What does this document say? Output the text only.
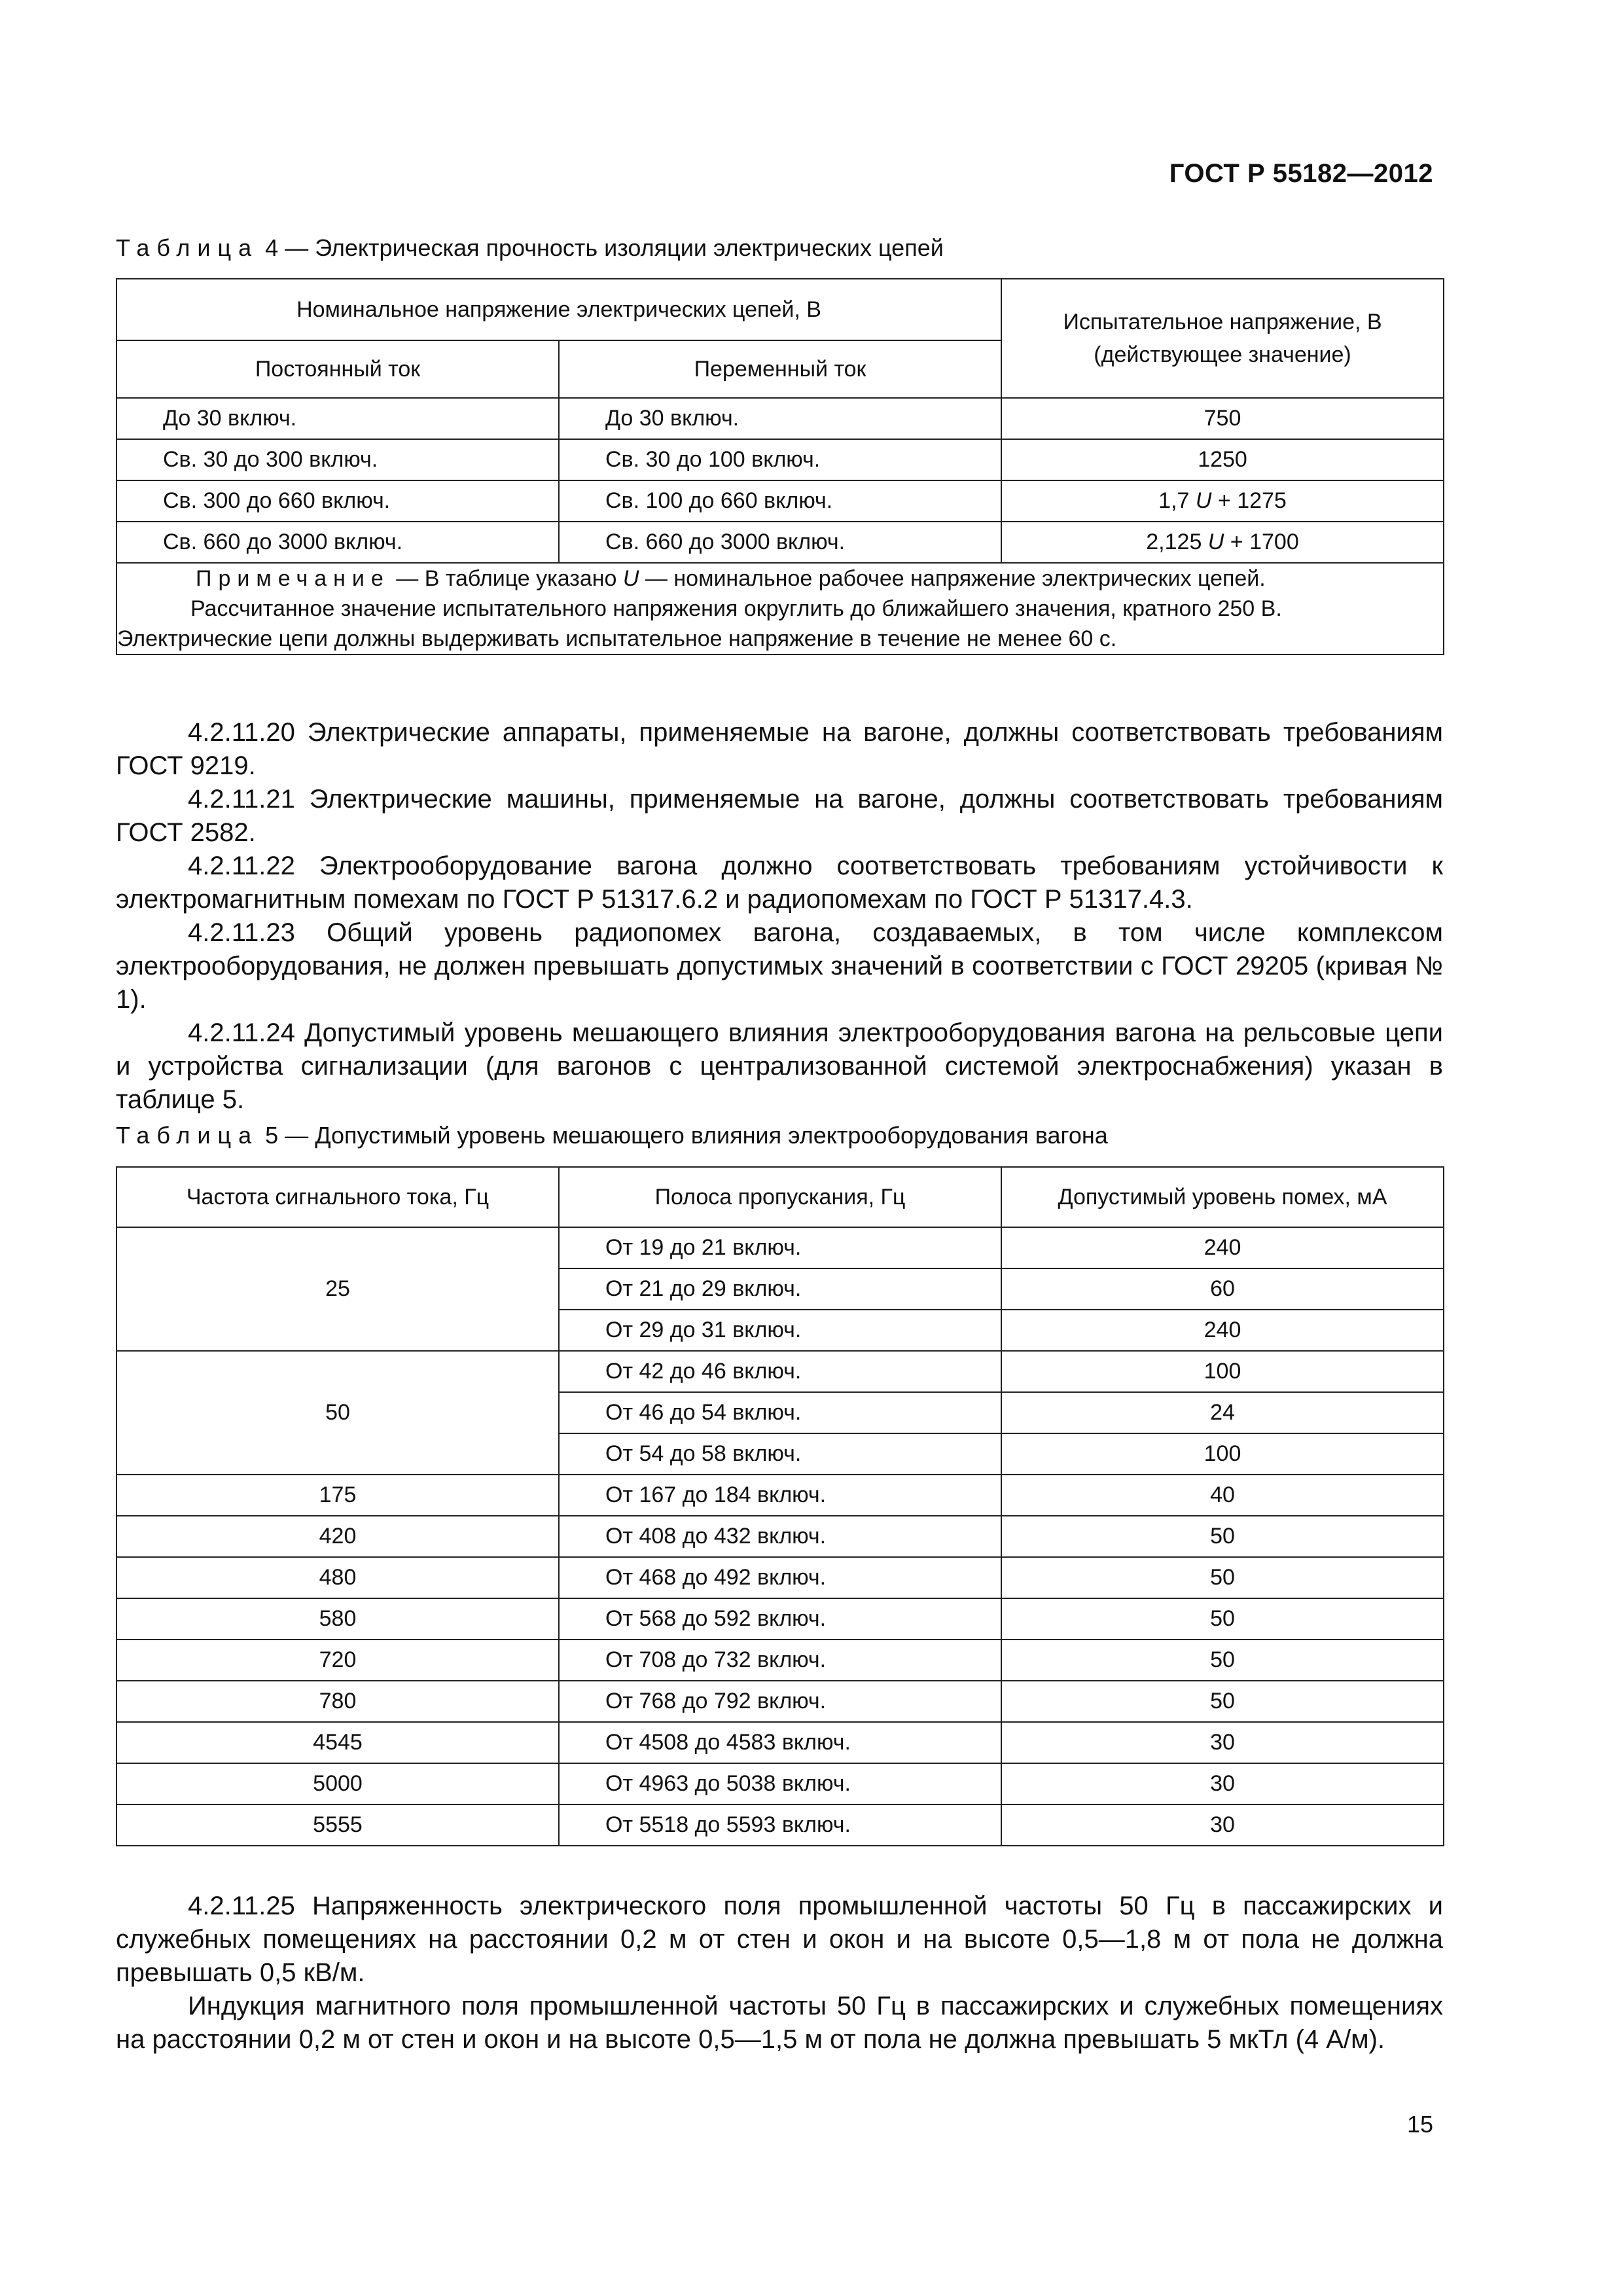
ГОСТ Р 55182—2012
Таблица 4 — Электрическая прочность изоляции электрических цепей
Номинальное напряжение электрических цепей, В		Испытательное напряжение, В
(действующее значение)

Постоянный ток	Переменный ток	
До 30 включ.	До 30 включ.	750
Св. 30 до 300 включ.	Св. 30 до 100 включ.	1250
Св. 300 до 660 включ.	Св. 100 до 660 включ.	1,7 U + 1275
Св. 660 до 3000 включ.	Св. 660 до 3000 включ.	2,125 U + 1700

Примечание — В таблице указано U — номинальное рабочее напряжение электрических цепей.
Рассчитанное значение испытательного напряжения округлить до ближайшего значения, кратного 250 В.
Электрические цепи должны выдерживать испытательное напряжение в течение не менее 60 с.		

4.2.11.20 Электрические аппараты, применяемые на вагоне, должны соответствовать требованиям ГОСТ 9219.

4.2.11.21 Электрические машины, применяемые на вагоне, должны соответствовать требованиям ГОСТ 2582.

4.2.11.22 Электрооборудование вагона должно соответствовать требованиям устойчивости к электромагнитным помехам по ГОСТ Р 51317.6.2 и радиопомехам по ГОСТ Р 51317.4.3.

4.2.11.23 Общий уровень радиопомех вагона, создаваемых, в том числе комплексом электрооборудования, не должен превышать допустимых значений в соответствии с ГОСТ 29205 (кривая № 1).

4.2.11.24 Допустимый уровень мешающего влияния электрооборудования вагона на рельсовые цепи и устройства сигнализации (для вагонов с централизованной системой электроснабжения) указан в таблице 5.

Таблица 5 — Допустимый уровень мешающего влияния электрооборудования вагона
Частота сигнального тока, Гц	Полоса пропускания, Гц	Допустимый уровень помех, мА
25	От 19 до 21 включ.	240
	От 21 до 29 включ.	60
	От 29 до 31 включ.	240
50	От 42 до 46 включ.	100
	От 46 до 54 включ.	24
	От 54 до 58 включ.	100
175	От 167 до 184 включ.	40
420	От 408 до 432 включ.	50
480	От 468 до 492 включ.	50
580	От 568 до 592 включ.	50
720	От 708 до 732 включ.	50
780	От 768 до 792 включ.	50
4545	От 4508 до 4583 включ.	30
5000	От 4963 до 5038 включ.	30
5555	От 5518 до 5593 включ.	30

4.2.11.25 Напряженность электрического поля промышленной частоты 50 Гц в пассажирских и служебных помещениях на расстоянии 0,2 м от стен и окон и на высоте 0,5—1,8 м от пола не должна превышать 0,5 кВ/м.

Индукция магнитного поля промышленной частоты 50 Гц в пассажирских и служебных помещениях на расстоянии 0,2 м от стен и окон и на высоте 0,5—1,5 м от пола не должна превышать 5 мкТл (4 А/м).

15
